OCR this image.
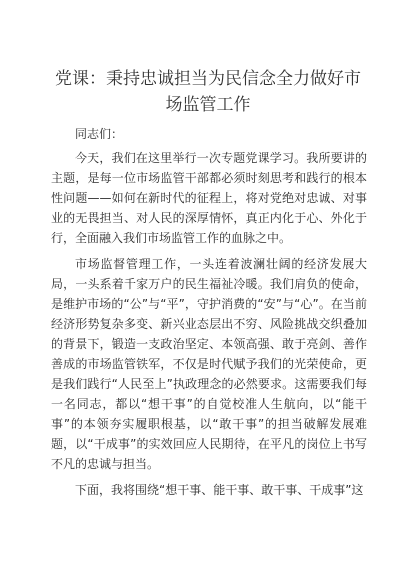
党课：秉持忠诚担当为民信念全力做好市场监管工作

同志们：

今天，我们在这里举行一次专题党课学习。我所要讲的主题，是每一位市场监管干部都必须时刻思考和践行的根本性问题——如何在新时代的征程上，将对党绝对忠诚、对事业的无畏担当、对人民的深厚情怀，真正内化于心、外化于行，全面融入我们市场监管工作的血脉之中。

市场监督管理工作，一头连着波澜壮阔的经济发展大局，一头系着千家万户的民生福祉冷暖。我们肩负的使命，是维护市场的“公”与“平”，守护消费的“安”与“心”。在当前经济形势复杂多变、新兴业态层出不穷、风险挑战交织叠加的背景下，锻造一支政治坚定、本领高强、敢于亮剑、善作善成的市场监管铁军，不仅是时代赋予我们的光荣使命，更是我们践行“人民至上”执政理念的必然要求。这需要我们每一名同志，都以“想干事”的自觉校准人生航向，以“能干事”的本领夯实履职根基，以“敢干事”的担当破解发展难题，以“干成事”的实效回应人民期待，在平凡的岗位上书写不凡的忠诚与担当。

下面，我将围绕“想干事、能干事、敢干事、干成事”这
